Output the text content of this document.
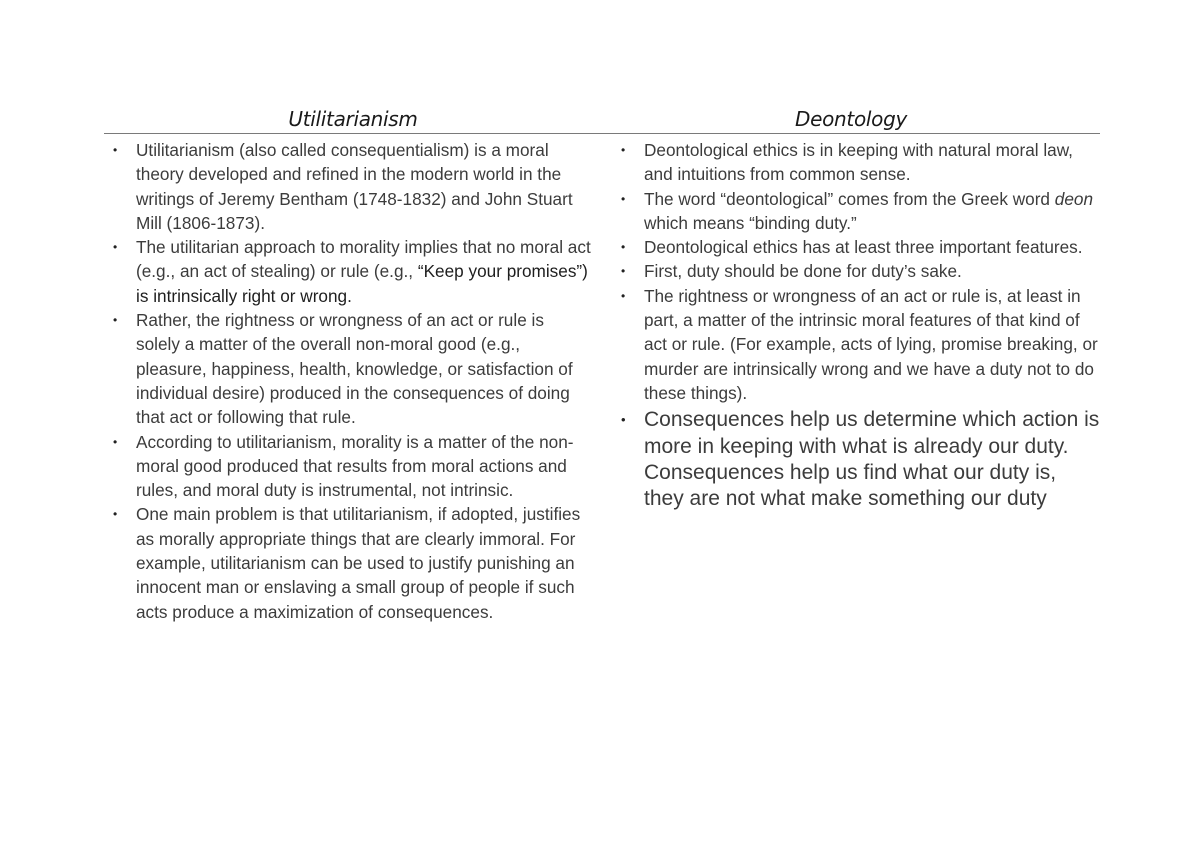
Utilitarianism	Deontology
• Utilitarianism (also called consequentialism) is a moral theory developed and refined in the modern world in the writings of Jeremy Bentham (1748-1832) and John Stuart Mill (1806-1873).
• The utilitarian approach to morality implies that no moral act (e.g., an act of stealing) or rule (e.g., “Keep your promises”) is intrinsically right or wrong.
• Rather, the rightness or wrongness of an act or rule is solely a matter of the overall non-moral good (e.g., pleasure, happiness, health, knowledge, or satisfaction of individual desire) produced in the consequences of doing that act or following that rule.
• According to utilitarianism, morality is a matter of the non-moral good produced that results from moral actions and rules, and moral duty is instrumental, not intrinsic.
• One main problem is that utilitarianism, if adopted, justifies as morally appropriate things that are clearly immoral. For example, utilitarianism can be used to justify punishing an innocent man or enslaving a small group of people if such acts produce a maximization of consequences.
• Deontological ethics is in keeping with natural moral law, and intuitions from common sense.
• The word “deontological” comes from the Greek word deon which means “binding duty.”
• Deontological ethics has at least three important features.
• First, duty should be done for duty’s sake.
• The rightness or wrongness of an act or rule is, at least in part, a matter of the intrinsic moral features of that kind of act or rule. (For example, acts of lying, promise breaking, or murder are intrinsically wrong and we have a duty not to do these things).
• Consequences help us determine which action is more in keeping with what is already our duty. Consequences help us find what our duty is, they are not what make something our duty
